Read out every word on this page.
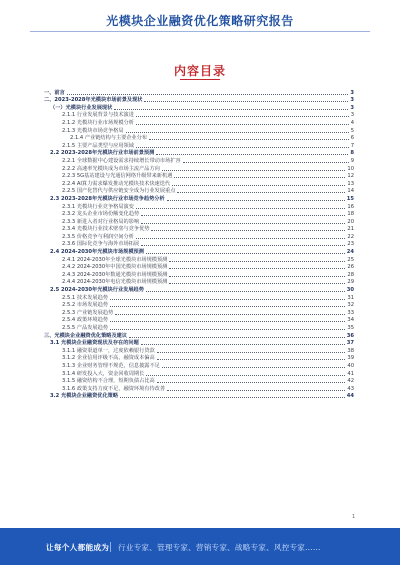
光模块企业融资优化策略研究报告
内容目录
一、前言	3
二、2023-2028年光模块市场前景及现状	3
（一）光模块行业发展现状	3
2.1.1 行业发展背景与技术演进	3
2.1.2 光模块行业市场规模分析	4
2.1.3 光模块市场竞争格局	5
2.1.4 产业链结构与主要企业分布	6
2.1.5 主要产品类型与应用领域	7
2.2 2023-2028年光模块行业市场前景预测	8
2.2.1 全球数据中心建设需求持续增长带动市场扩容	9
2.2.2 高速率光模块成为市场主流产品方向	10
2.2.3 5G基站建设与光通信网络升级带来新机遇	12
2.2.4 AI算力需求爆发推动光模块技术快速迭代	13
2.2.5 国产化替代与供应链安全成为行业发展重点	14
2.3 2023-2028年光模块行业市场竞争趋势分析	15
2.3.1 光模块行业竞争格局演变	16
2.3.2 龙头企业市场份额变化趋势	18
2.3.3 新进入者对行业格局的影响	20
2.3.4 光模块行业技术壁垒与竞争优势	21
2.3.5 价格竞争与利润空间分析	22
2.3.6 国际化竞争与海外市场拓展	23
2.4 2024-2030年光模块市场规模预测	24
2.4.1 2024-2030年全球光模块市场规模预测	25
2.4.2 2024-2030年中国光模块市场规模预测	26
2.4.3 2024-2030年数通光模块市场规模预测	28
2.4.4 2024-2030年电信光模块市场规模预测	29
2.5 2024-2030年光模块行业发展趋势	30
2.5.1 技术发展趋势	31
2.5.2 市场发展趋势	32
2.5.3 产业链发展趋势	33
2.5.4 政策环境趋势	34
2.5.5 产品发展趋势	35
三、光模块企业融资优化策略及建议	36
3.1 光模块企业融资现状及存在的问题	37
3.1.1 融资渠道单一，过度依赖银行贷款	38
3.1.2 企业信用评级不高，融资成本偏高	39
3.1.3 企业财务管理不规范，信息披露不足	40
3.1.4 研发投入大，资金回收周期长	41
3.1.5 融资结构不合理，短期负债占比高	42
3.1.6 政策支持力度不足，融资环境有待改善	43
3.2 光模块企业融资优化策略	44
1
让每个人都能成为 行业专家、管理专家、营销专家、战略专家、风控专家……
